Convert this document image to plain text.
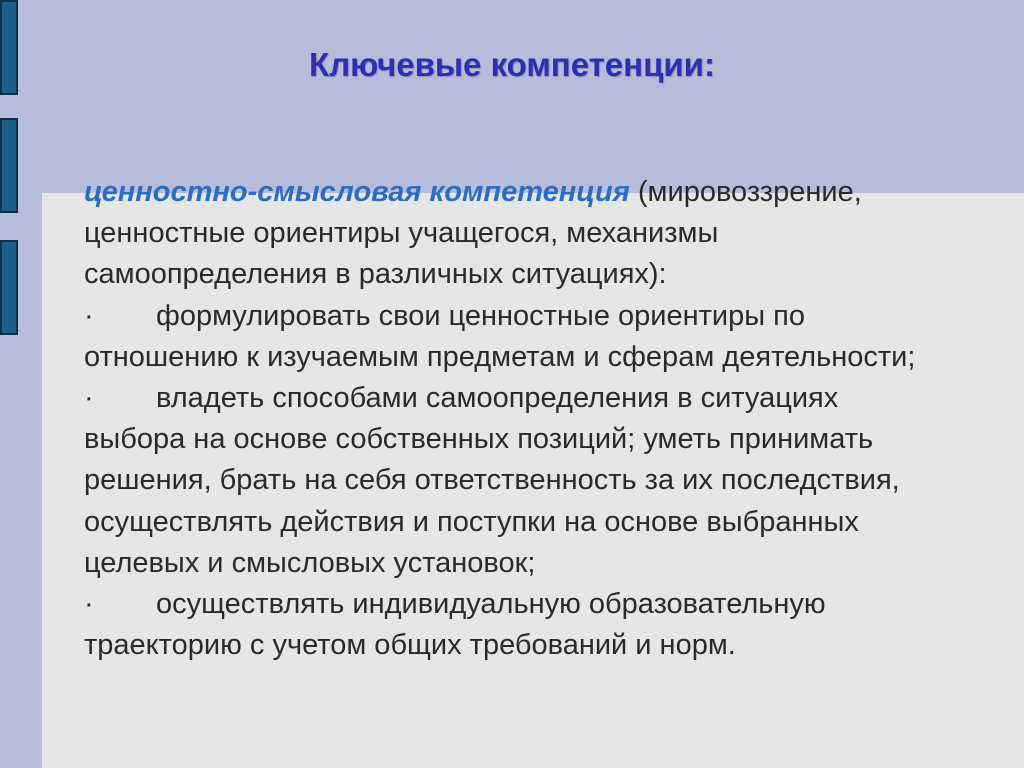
Ключевые компетенции:
ценностно-смысловая компетенция (мировоззрение, ценностные ориентиры учащегося, механизмы самоопределения в различных ситуациях):
· формулировать свои ценностные ориентиры по отношению к изучаемым предметам и сферам деятельности;
· владеть способами самоопределения в ситуациях выбора на основе собственных позиций; уметь принимать решения, брать на себя ответственность за их последствия, осуществлять действия и поступки на основе выбранных целевых и смысловых установок;
· осуществлять индивидуальную образовательную траекторию с учетом общих требований и норм.
